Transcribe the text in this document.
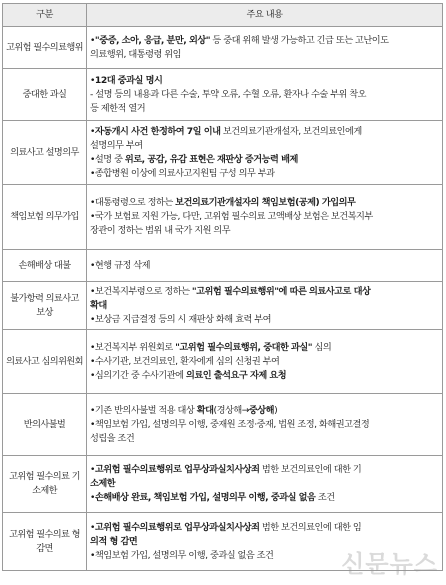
구분	주요 내용
고위험 필수의료행위	•"중증, 소아, 응급, 분만, 외상" 등 중대 위해 발생 가능하고 긴급 또는 고난이도
의료행위, 대통령령 위임

중대한 과실	•12대 중과실 명시
- 설명 등의 내용과 다른 수술, 투약 오류, 수혈 오류, 환자나 수술 부위 착오
등 제한적 열거

의료사고 설명의무	•자동개시 사건 한정하여 7일 이내 보건의료기관개설자, 보건의료인에게
설명의무 부여
•설명 중 위로, 공감, 유감 표현은 재판상 증거능력 배제
•종합병원 이상에 의료사고지원팀 구성 의무 부과

책임보험 의무가입	•대통령령으로 정하는 보건의료기관개설자의 책임보험(공제) 가입의무
•국가 보험료 지원 가능, 다만, 고위험 필수의료 고액배상 보험은 보건복지부
장관이 정하는 범위 내 국가 지원 의무

손해배상 대불	•현행 규정 삭제

불가항력 의료사고 보상	•보건복지부령으로 정하는 "고위험 필수의료행위"에 따른 의료사고로 대상
확대
•보상금 지급결정 등의 시 재판상 화해 효력 부여

의료사고 심의위원회	•보건복지부 위원회로 "고위험 필수의료행위, 중대한 과실" 심의
•수사기관, 보건의료인, 환자에게 심의 신청권 부여
•심의기간 중 수사기관에 의료인 출석요구 자제 요청

반의사불벌	•기존 반의사불벌 적용 대상 확대(경상해→중상해)
•책임보험 가입, 설명의무 이행, 중재원 조정·중재, 법원 조정, 화해권고결정
성립을 조건

고위험 필수의료 기소제한	•고위험 필수의료행위로 업무상과실치사상죄 범한 보건의료인에 대한 기
소제한
•손해배상 완료, 책임보험 가입, 설명의무 이행, 중과실 없음 조건

고위험 필수의료 형 감면	•고위험 필수의료행위로 업무상과실치사상죄 범한 보건의료인에 대한 임
의적 형 감면
•책임보험 가입, 설명의무 이행, 중과실 없음 조건	신문뉴스
